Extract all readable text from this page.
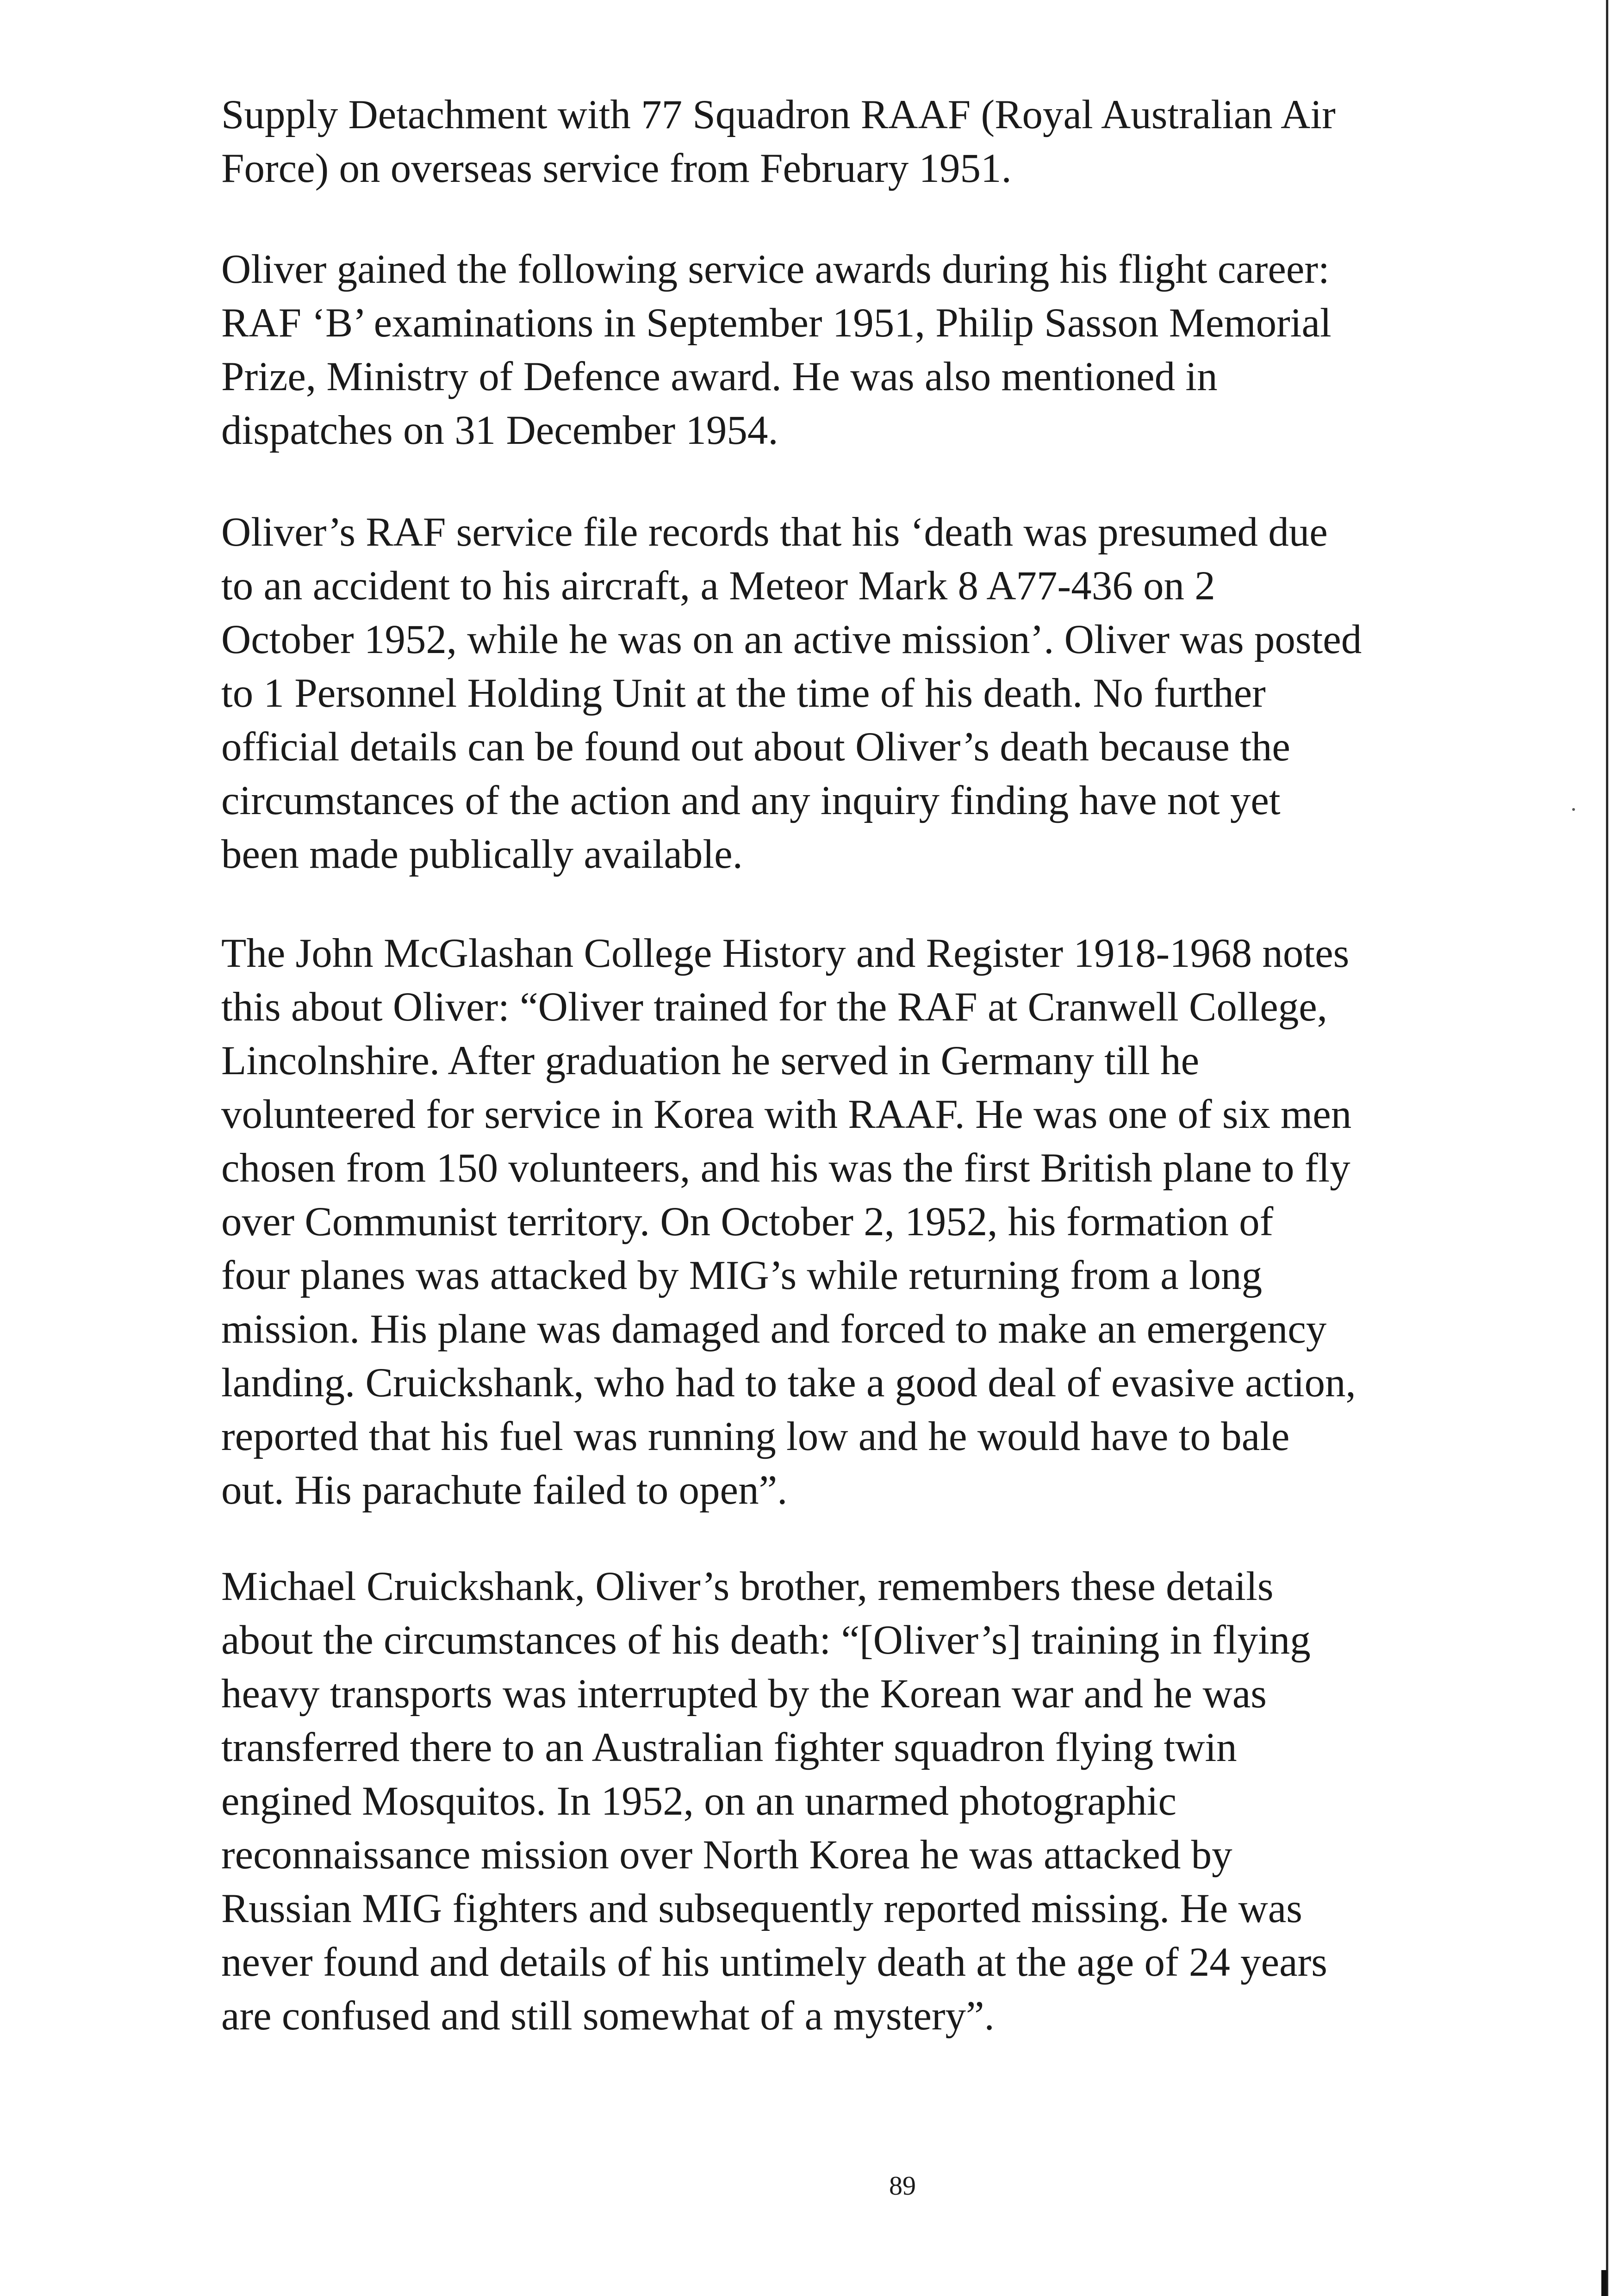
Supply Detachment with 77 Squadron RAAF (Royal Australian Air
Force) on overseas service from February 1951.
Oliver gained the following service awards during his flight career:
RAF ‘B’ examinations in September 1951, Philip Sasson Memorial
Prize, Ministry of Defence award. He was also mentioned in
dispatches on 31 December 1954.
Oliver’s RAF service file records that his ‘death was presumed due
to an accident to his aircraft, a Meteor Mark 8 A77-436 on 2
October 1952, while he was on an active mission’. Oliver was posted
to 1 Personnel Holding Unit at the time of his death. No further
official details can be found out about Oliver’s death because the
circumstances of the action and any inquiry finding have not yet
been made publically available.
The John McGlashan College History and Register 1918-1968 notes
this about Oliver: “Oliver trained for the RAF at Cranwell College,
Lincolnshire. After graduation he served in Germany till he
volunteered for service in Korea with RAAF. He was one of six men
chosen from 150 volunteers, and his was the first British plane to fly
over Communist territory. On October 2, 1952, his formation of
four planes was attacked by MIG’s while returning from a long
mission. His plane was damaged and forced to make an emergency
landing. Cruickshank, who had to take a good deal of evasive action,
reported that his fuel was running low and he would have to bale
out. His parachute failed to open”.
Michael Cruickshank, Oliver’s brother, remembers these details
about the circumstances of his death: “[Oliver’s] training in flying
heavy transports was interrupted by the Korean war and he was
transferred there to an Australian fighter squadron flying twin
engined Mosquitos. In 1952, on an unarmed photographic
reconnaissance mission over North Korea he was attacked by
Russian MIG fighters and subsequently reported missing. He was
never found and details of his untimely death at the age of 24 years
are confused and still somewhat of a mystery”.
89
